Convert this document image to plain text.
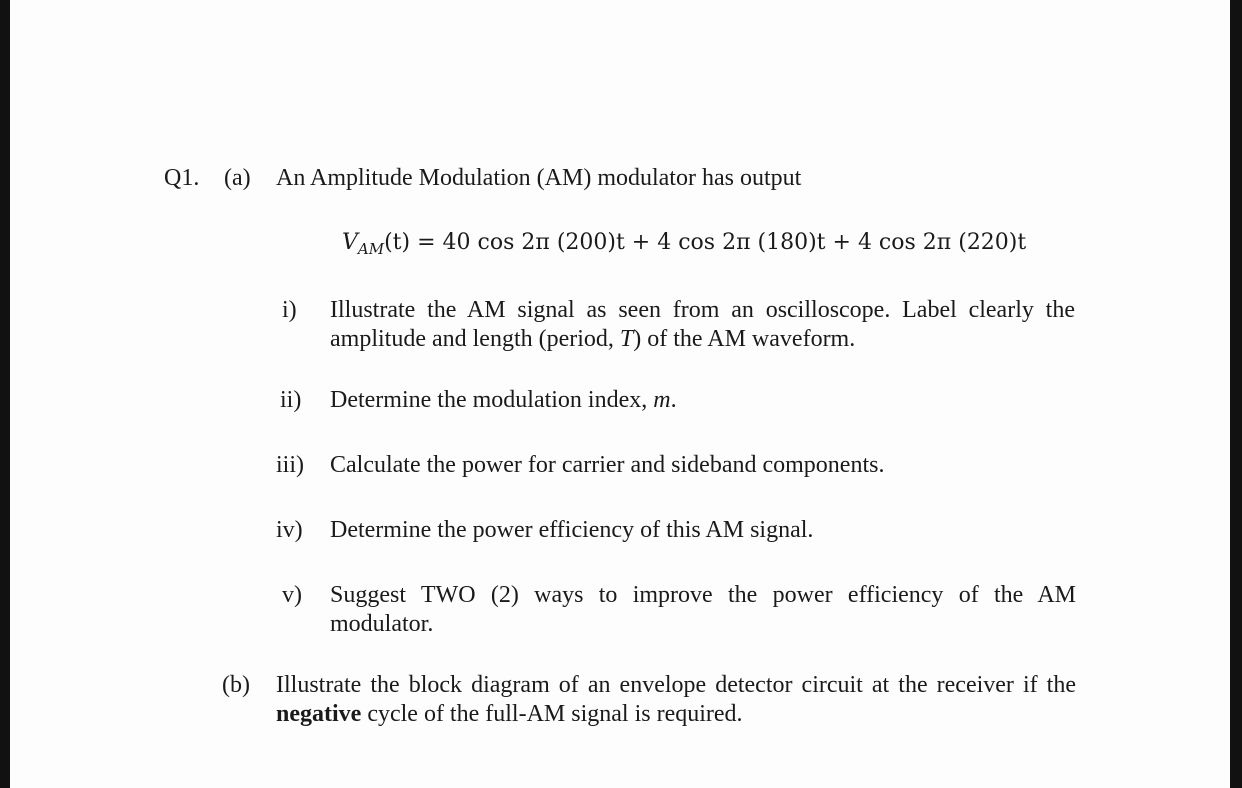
Q1. (a) An Amplitude Modulation (AM) modulator has output
$V_{AM}(t) = 40$ cos 2π (200)t + 4 cos 2π (180)t + 4 cos 2π (220)t
i) Illustrate the AM signal as seen from an oscilloscope. Label clearly the amplitude and length (period, T) of the AM waveform.
ii) Determine the modulation index, m.
iii) Calculate the power for carrier and sideband components.
iv) Determine the power efficiency of this AM signal.
v) Suggest TWO (2) ways to improve the power efficiency of the AM modulator.
(b) Illustrate the block diagram of an envelope detector circuit at the receiver if the negative cycle of the full-AM signal is required.
